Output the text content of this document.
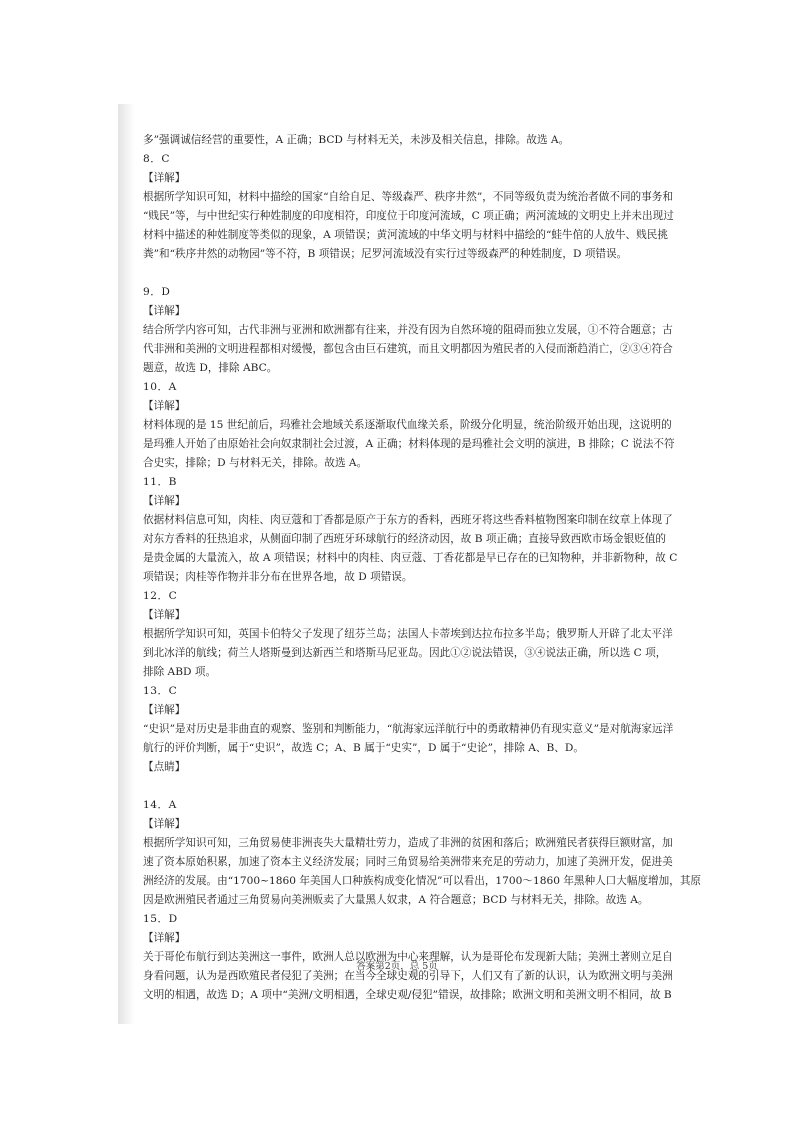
多”强调诚信经营的重要性，A 正确；BCD 与材料无关，未涉及相关信息，排除。故选 A。
8．C
【详解】
根据所学知识可知，材料中描绘的国家“自给自足、等级森严、秩序井然”，不同等级负责为统治者做不同的事务和
“贱民”等，与中世纪实行种姓制度的印度相符，印度位于印度河流域，C 项正确；两河流域的文明史上并未出现过
材料中描述的种姓制度等类似的现象，A 项错误；黄河流域的中华文明与材料中描绘的“蛙牛倌的人放牛、贱民挑
粪”和“秩序井然的动物园”等不符，B 项错误；尼罗河流域没有实行过等级森严的种姓制度，D 项错误。
9．D
【详解】
结合所学内容可知，古代非洲与亚洲和欧洲都有往来，并没有因为自然环境的阻碍而独立发展，①不符合题意；古
代非洲和美洲的文明进程都相对缓慢，都包含由巨石建筑，而且文明都因为殖民者的入侵而渐趋消亡，②③④符合
题意，故选 D，排除 ABC。
10．A
【详解】
材料体现的是 15 世纪前后，玛雅社会地域关系逐渐取代血缘关系，阶级分化明显，统治阶级开始出现，这说明的
是玛雅人开始了由原始社会向奴隶制社会过渡，A 正确；材料体现的是玛雅社会文明的演进，B 排除；C 说法不符
合史实，排除；D 与材料无关，排除。故选 A。
11．B
【详解】
依据材料信息可知，肉桂、肉豆蔻和丁香都是原产于东方的香料，西班牙将这些香料植物图案印制在纹章上体现了
对东方香料的狂热追求，从侧面印制了西班牙环球航行的经济动因，故 B 项正确；直接导致西欧市场金银贬值的
是贵金属的大量流入，故 A 项错误；材料中的肉桂、肉豆蔻、丁香花都是早已存在的已知物种，并非新物种，故 C
项错误；肉桂等作物并非分布在世界各地，故 D 项错误。
12．C
【详解】
根据所学知识可知，英国卡伯特父子发现了纽芬兰岛；法国人卡蒂埃到达拉布拉多半岛；俄罗斯人开辟了北太平洋
到北冰洋的航线；荷兰人塔斯曼到达新西兰和塔斯马尼亚岛。因此①②说法错误，③④说法正确，所以选 C 项，
排除 ABD 项。
13．C
【详解】
“史识”是对历史是非曲直的观察、鉴别和判断能力，“航海家远洋航行中的勇敢精神仍有现实意义”是对航海家远洋
航行的评价判断，属于“史识”，故选 C；A、B 属于“史实”，D 属于“史论”，排除 A、B、D。
【点睛】
14．A
【详解】
根据所学知识可知，三角贸易使非洲丧失大量精壮劳力，造成了非洲的贫困和落后；欧洲殖民者获得巨额财富，加
速了资本原始积累，加速了资本主义经济发展；同时三角贸易给美洲带来充足的劳动力，加速了美洲开发，促进美
洲经济的发展。由“1700~1860 年美国人口种族构成变化情况”可以看出，1700～1860 年黑种人口大幅度增加，其原
因是欧洲殖民者通过三角贸易向美洲贩卖了大量黑人奴隶，A 符合题意；BCD 与材料无关，排除。故选 A。
15．D
【详解】
关于哥伦布航行到达美洲这一事件，欧洲人总以欧洲为中心来理解，认为是哥伦布发现新大陆；美洲土著则立足自
身看问题，认为是西欧殖民者侵犯了美洲；在当今全球史观的引导下，人们又有了新的认识，认为欧洲文明与美洲
文明的相遇，故选 D；A 项中“美洲/文明相遇，全球史观/侵犯”错误，故排除；欧洲文明和美洲文明不相同，故 B
答案第2页，总 5页
